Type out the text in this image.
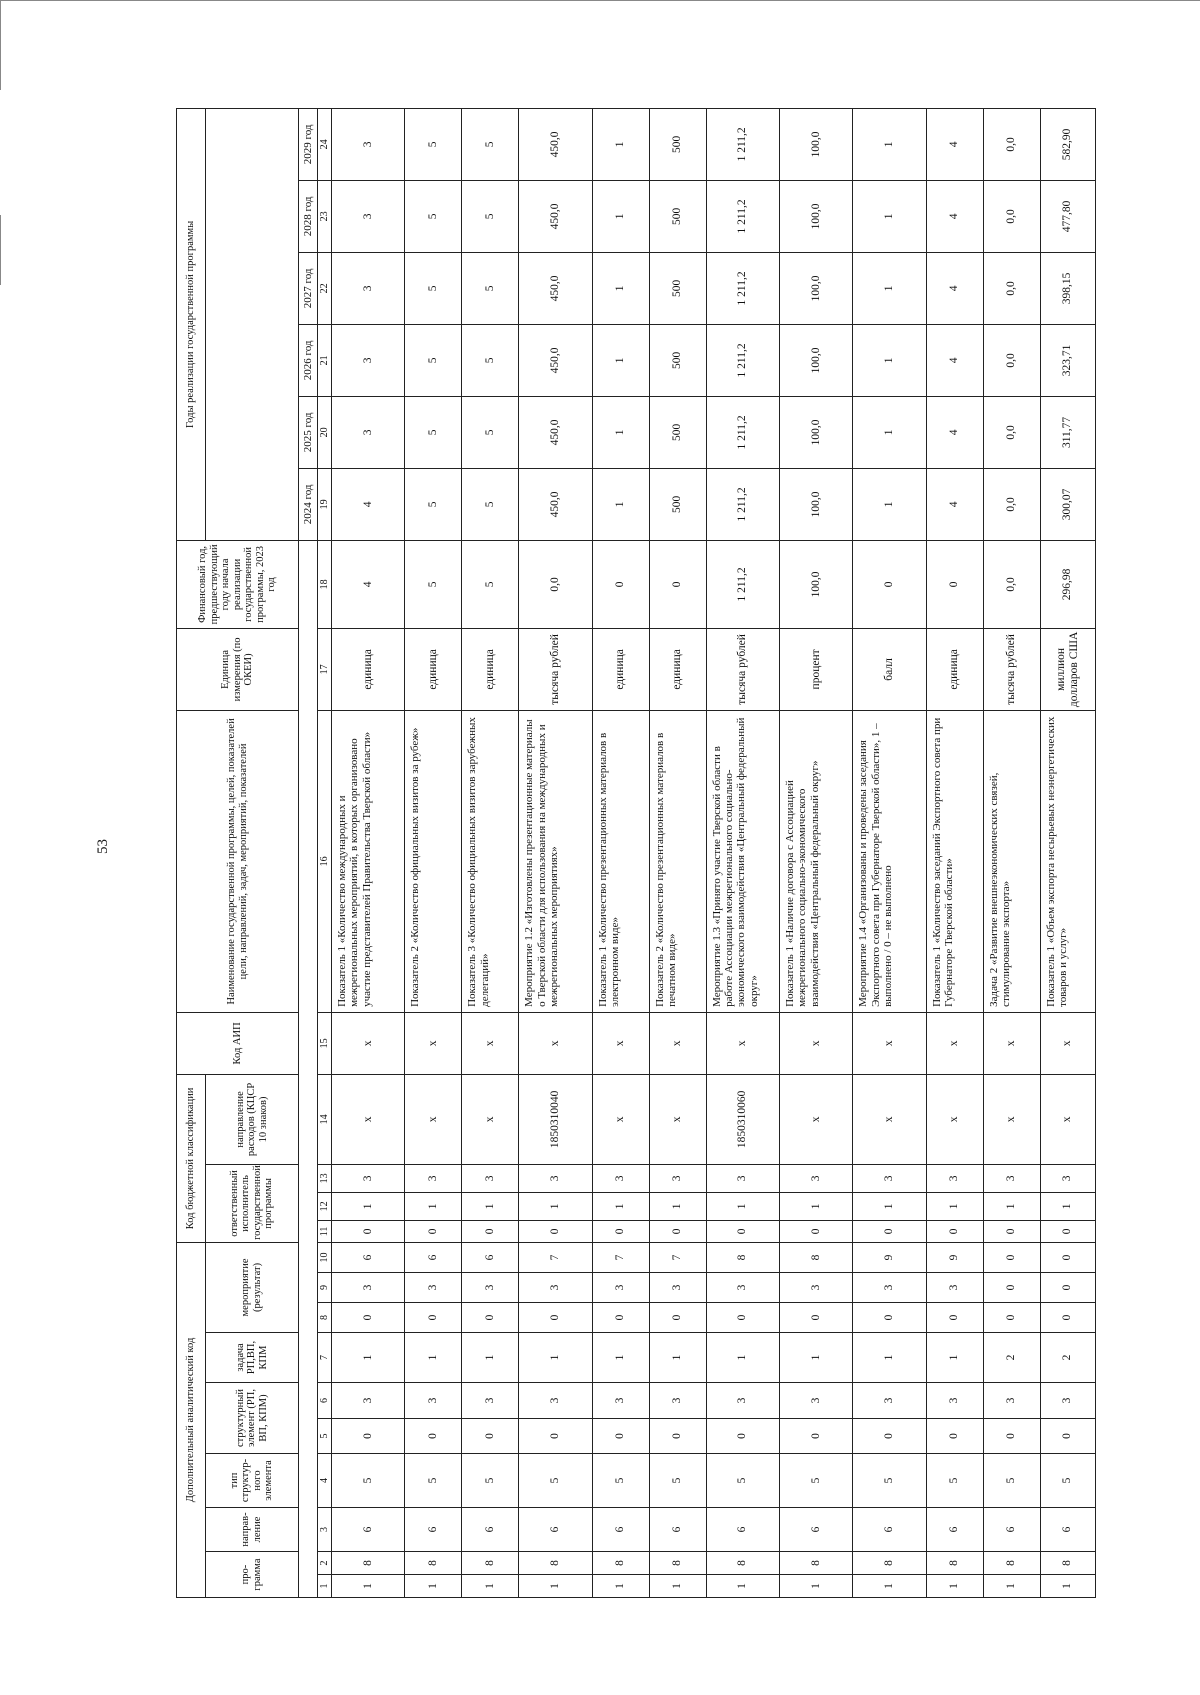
53
Дополнительный аналитический код										Код бюджетной классификации				Код АИП	Наименование государственной программы, целей, показателей цели, направлений, задач, мероприятий, показателей	Единица измерения (по ОКЕИ)	Финансовый год, предшествующий году начала реализации государственной программы, 2023 год	Годы реализации государственной программы					
про-грамма		направ-ление	тип структур-ного элемента	структурный элемент (РП, ВП, КПМ)		задача РП,ВП, КПМ	мероприятие (результат)			ответственный исполнитель государственной программы			направление расходов (КЦСР 10 знаков)										

																		2024 год	2025 год	2026 год	2027 год	2028 год	2029 год
1	2	3	4	5	6	7	8	9	10	11	12	13	14	15	16	17	18	19	20	21	22	23	24
1	8	6	5	0	3	1	0	3	6	0	1	3	х	х	Показатель 1 «Количество международных и межрегиональных мероприятий, в которых организовано участие представителей Правительства Тверской области»	единица	4	4	3	3	3	3	3
1	8	6	5	0	3	1	0	3	6	0	1	3	х	х	Показатель 2 «Количество официальных визитов за рубеж»	единица	5	5	5	5	5	5	5
1	8	6	5	0	3	1	0	3	6	0	1	3	х	х	Показатель 3 «Количество официальных визитов зарубежных делегаций»	единица	5	5	5	5	5	5	5
1	8	6	5	0	3	1	0	3	7	0	1	3	1850310040	х	Мероприятие 1.2 «Изготовлены презентационные материалы о Тверской области для использования на международных и межрегиональных мероприятиях»	тысяча рублей	0,0	450,0	450,0	450,0	450,0	450,0	450,0
1	8	6	5	0	3	1	0	3	7	0	1	3	х	х	Показатель 1 «Количество презентационных материалов в электронном виде»	единица	0	1	1	1	1	1	1
1	8	6	5	0	3	1	0	3	7	0	1	3	х	х	Показатель 2 «Количество презентационных материалов в печатном виде»	единица	0	500	500	500	500	500	500
1	8	6	5	0	3	1	0	3	8	0	1	3	1850310060	х	Мероприятие 1.3 «Принято участие Тверской области в работе Ассоциации межрегионального социально-экономического взаимодействия «Центральный федеральный округ»	тысяча рублей	1 211,2	1 211,2	1 211,2	1 211,2	1 211,2	1 211,2	1 211,2
1	8	6	5	0	3	1	0	3	8	0	1	3	х	х	Показатель 1 «Наличие договора с Ассоциацией межрегионального социально-экономического взаимодействия «Центральный федеральный округ»	процент	100,0	100,0	100,0	100,0	100,0	100,0	100,0
1	8	6	5	0	3	1	0	3	9	0	1	3	х	х	Мероприятие 1.4 «Организованы и проведены заседания Экспортного совета при Губернаторе Тверской области», 1 – выполнено / 0 – не выполнено	балл	0	1	1	1	1	1	1
1	8	6	5	0	3	1	0	3	9	0	1	3	х	х	Показатель 1 «Количество заседаний Экспортного совета при Губернаторе Тверской области»	единица	0	4	4	4	4	4	4
1	8	6	5	0	3	2	0	0	0	0	1	3	х	х	Задача 2 «Развитие внешнеэкономических связей, стимулирование экспорта»	тысяча рублей	0,0	0,0	0,0	0,0	0,0	0,0	0,0
1	8	6	5	0	3	2	0	0	0	0	1	3	х	х	Показатель 1 «Объем экспорта несырьевых неэнергетических товаров и услуг»	миллион долларов США	296,98	300,07	311,77	323,71	398,15	477,80	582,90
